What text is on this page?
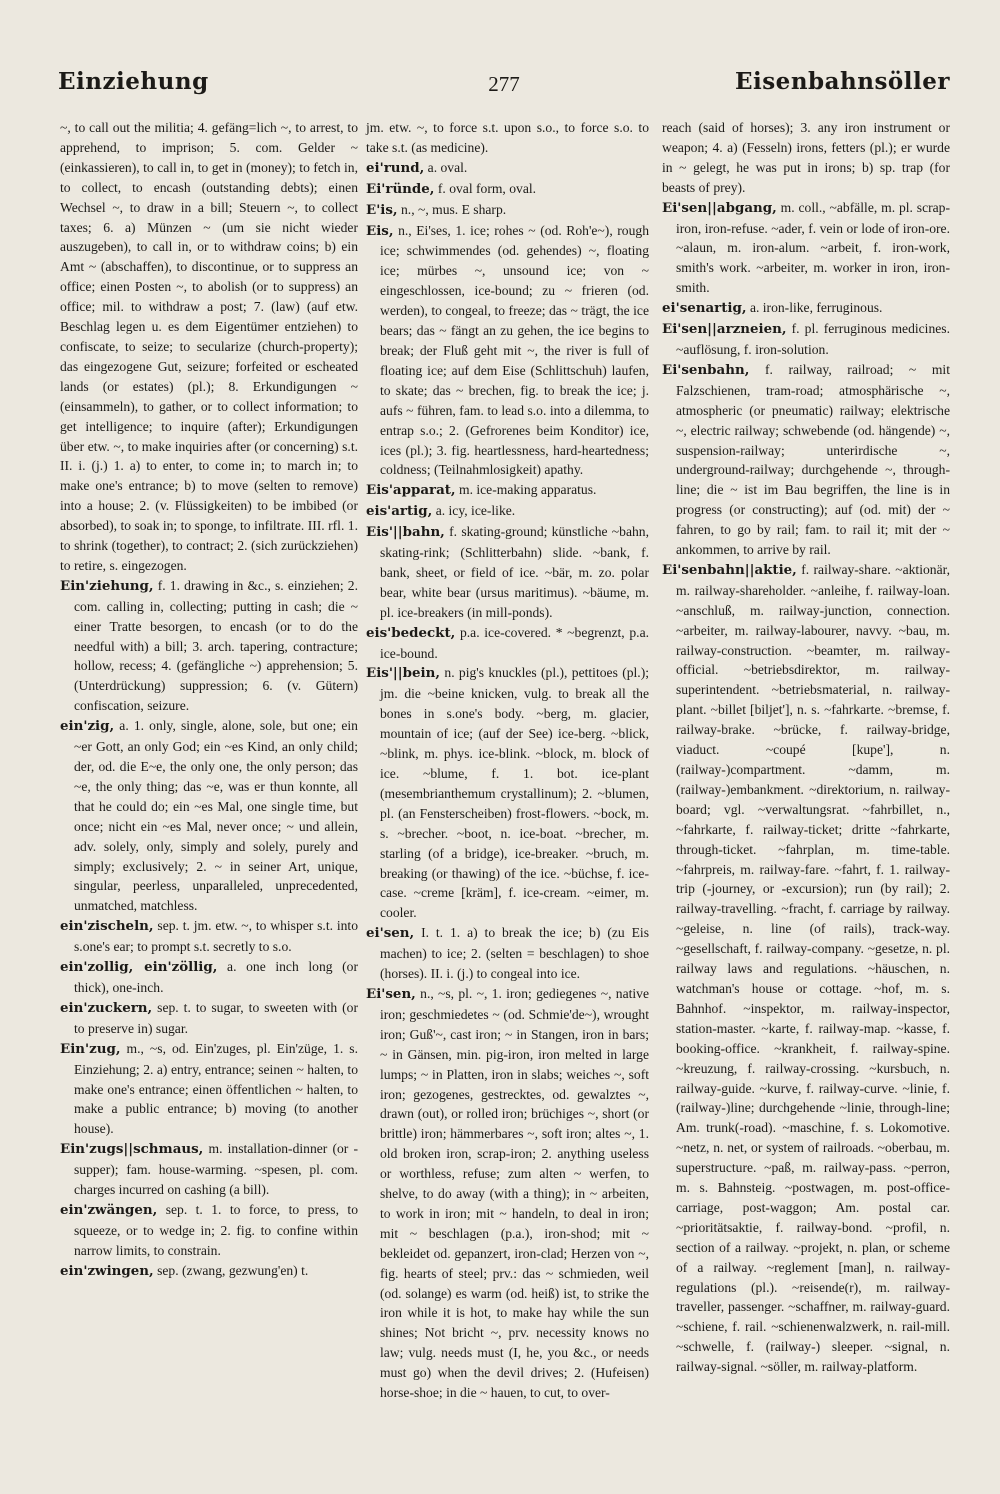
Einziehung	277	Eisenbahnsöller

~, to call out the militia; 4. gefäng=lich ~, to arrest, to apprehend, to imprison; 5. com. Gelder ~ (einkassieren), to call in, to get in (money); to fetch in, to collect, to encash (outstanding debts); einen Wechsel ~, to draw in a bill; Steuern ~, to collect taxes; 6. a) Münzen ~ (um sie nicht wieder auszugeben), to call in, or to withdraw coins; b) ein Amt ~ (abschaffen), to discontinue, or to suppress an office; einen Posten ~, to abolish (or to suppress) an office; mil. to withdraw a post; 7. (law) (auf etw. Beschlag legen u. es dem Eigentümer entziehen) to confiscate, to seize; to secularize (church-property); das eingezogene Gut, seizure; forfeited or escheated lands (or estates) (pl.); 8. Erkundigungen ~ (einsammeln), to gather, or to collect information; to get intelligence; to inquire (after); Erkundigungen über etw. ~, to make inquiries after (or concerning) s.t. II. i. (j.) 1. a) to enter, to come in; to march in; to make one's entrance; b) to move (selten to remove) into a house; 2. (v. Flüssigkeiten) to be imbibed (or absorbed), to soak in; to sponge, to infiltrate. III. rfl. 1. to shrink (together), to contract; 2. (sich zurückziehen) to retire, s. eingezogen.

Ein'ziehung, f. 1. drawing in &c., s. einziehen; 2. com. calling in, collecting; putting in cash; die ~ einer Tratte besorgen, to encash (or to do the needful with) a bill; 3. arch. tapering, contracture; hollow, recess; 4. (gefängliche ~) apprehension; 5. (Unterdrückung) suppression; 6. (v. Gütern) confiscation, seizure.

ein'zig, a. 1. only, single, alone, sole, but one; ein ~er Gott, an only God; ein ~es Kind, an only child; der, od. die E~e, the only one, the only person; das ~e, the only thing; das ~e, was er thun konnte, all that he could do; ein ~es Mal, one single time, but once; nicht ein ~es Mal, never once; ~ und allein, adv. solely, only, simply and solely, purely and simply; exclusively; 2. ~ in seiner Art, unique, singular, peerless, unparalleled, unprecedented, unmatched, matchless.

ein'zischeln, sep. t. jm. etw. ~, to whisper s.t. into s.one's ear; to prompt s.t. secretly to s.o.

ein'zollig, ein'zöllig, a. one inch long (or thick), one-inch.

ein'zuckern, sep. t. to sugar, to sweeten with (or to preserve in) sugar.

Ein'zug, m., ~s, od. Ein'zuges, pl. Ein'züge, 1. s. Einziehung; 2. a) entry, entrance; seinen ~ halten, to make one's entrance; einen öffentlichen ~ halten, to make a public entrance; b) moving (to another house).

Ein'zugs||schmaus, m. installation-dinner (or -supper); fam. house-warming. ~spesen, pl. com. charges incurred on cashing (a bill).

ein'zwängen, sep. t. 1. to force, to press, to squeeze, or to wedge in; 2. fig. to confine within narrow limits, to constrain.

ein'zwingen, sep. (zwang, gezwung'en) t.

jm. etw. ~, to force s.t. upon s.o., to force s.o. to take s.t. (as medicine).

ei'rund, a. oval.

Ei'ründe, f. oval form, oval.

E'is, n., ~, mus. E sharp.

Eis, n., Ei'ses, 1. ice; rohes ~ (od. Roh'e~), rough ice; schwimmendes (od. gehendes) ~, floating ice; mürbes ~, unsound ice; von ~ eingeschlossen, ice-bound; zu ~ frieren (od. werden), to congeal, to freeze; das ~ trägt, the ice bears; das ~ fängt an zu gehen, the ice begins to break; der Fluß geht mit ~, the river is full of floating ice; auf dem Eise (Schlittschuh) laufen, to skate; das ~ brechen, fig. to break the ice; j. aufs ~ führen, fam. to lead s.o. into a dilemma, to entrap s.o.; 2. (Gefrorenes beim Konditor) ice, ices (pl.); 3. fig. heartlessness, hard-heartedness; coldness; (Teilnahmlosigkeit) apathy.

Eis'apparat, m. ice-making apparatus.

eis'artig, a. icy, ice-like.

Eis'||bahn, f. skating-ground; künstliche ~bahn, skating-rink; (Schlitterbahn) slide. ~bank, f. bank, sheet, or field of ice. ~bär, m. zo. polar bear, white bear (ursus maritimus). ~bäume, m. pl. ice-breakers (in mill-ponds).

eis'bedeckt, p.a. ice-covered. * ~begrenzt, p.a. ice-bound.

Eis'||bein, n. pig's knuckles (pl.), pettitoes (pl.); jm. die ~beine knicken, vulg. to break all the bones in s.one's body. ~berg, m. glacier, mountain of ice; (auf der See) ice-berg. ~blick, ~blink, m. phys. ice-blink. ~block, m. block of ice. ~blume, f. 1. bot. ice-plant (mesembrianthemum crystallinum); 2. ~blumen, pl. (an Fensterscheiben) frost-flowers. ~bock, m. s. ~brecher. ~boot, n. ice-boat. ~brecher, m. starling (of a bridge), ice-breaker. ~bruch, m. breaking (or thawing) of the ice. ~büchse, f. ice-case. ~creme [kräm], f. ice-cream. ~eimer, m. cooler.

ei'sen, I. t. 1. a) to break the ice; b) (zu Eis machen) to ice; 2. (selten = beschlagen) to shoe (horses). II. i. (j.) to congeal into ice.

Ei'sen, n., ~s, pl. ~, 1. iron; gediegenes ~, native iron; geschmiedetes ~ (od. Schmie'de~), wrought iron; Guß'~, cast iron; ~ in Stangen, iron in bars; ~ in Gänsen, min. pig-iron, iron melted in large lumps; ~ in Platten, iron in slabs; weiches ~, soft iron; gezogenes, gestrecktes, od. gewalztes ~, drawn (out), or rolled iron; brüchiges ~, short (or brittle) iron; hämmerbares ~, soft iron; altes ~, 1. old broken iron, scrap-iron; 2. anything useless or worthless, refuse; zum alten ~ werfen, to shelve, to do away (with a thing); in ~ arbeiten, to work in iron; mit ~ handeln, to deal in iron; mit ~ beschlagen (p.a.), iron-shod; mit ~ bekleidet od. gepanzert, iron-clad; Herzen von ~, fig. hearts of steel; prv.: das ~ schmieden, weil (od. solange) es warm (od. heiß) ist, to strike the iron while it is hot, to make hay while the sun shines; Not bricht ~, prv. necessity knows no law; vulg. needs must (I, he, you &c., or needs must go) when the devil drives; 2. (Hufeisen) horse-shoe; in die ~ hauen, to cut, to over-

reach (said of horses); 3. any iron instrument or weapon; 4. a) (Fesseln) irons, fetters (pl.); er wurde in ~ gelegt, he was put in irons; b) sp. trap (for beasts of prey).

Ei'sen||abgang, m. coll., ~abfälle, m. pl. scrap-iron, iron-refuse. ~ader, f. vein or lode of iron-ore. ~alaun, m. iron-alum. ~arbeit, f. iron-work, smith's work. ~arbeiter, m. worker in iron, iron-smith.

ei'senartig, a. iron-like, ferruginous.

Ei'sen||arzneien, f. pl. ferruginous medicines. ~auflösung, f. iron-solution.

Ei'senbahn, f. railway, railroad; ~ mit Falzschienen, tram-road; atmosphärische ~, atmospheric (or pneumatic) railway; elektrische ~, electric railway; schwebende (od. hängende) ~, suspension-railway; unterirdische ~, underground-railway; durchgehende ~, through-line; die ~ ist im Bau begriffen, the line is in progress (or constructing); auf (od. mit) der ~ fahren, to go by rail; fam. to rail it; mit der ~ ankommen, to arrive by rail.

Ei'senbahn||aktie, f. railway-share. ~aktionär, m. railway-shareholder. ~anleihe, f. railway-loan. ~anschluß, m. railway-junction, connection. ~arbeiter, m. railway-labourer, navvy. ~bau, m. railway-construction. ~beamter, m. railway-official. ~betriebsdirektor, m. railway-superintendent. ~betriebsmaterial, n. railway-plant. ~billet [biljet'], n. s. ~fahrkarte. ~bremse, f. railway-brake. ~brücke, f. railway-bridge, viaduct. ~coupé [kupe'], n. (railway-)compartment. ~damm, m. (railway-)embankment. ~direktorium, n. railway-board; vgl. ~verwaltungsrat. ~fahrbillet, n., ~fahrkarte, f. railway-ticket; dritte ~fahrkarte, through-ticket. ~fahrplan, m. time-table. ~fahrpreis, m. railway-fare. ~fahrt, f. 1. railway-trip (-journey, or -excursion); run (by rail); 2. railway-travelling. ~fracht, f. carriage by railway. ~geleise, n. line (of rails), track-way. ~gesellschaft, f. railway-company. ~gesetze, n. pl. railway laws and regulations. ~häuschen, n. watchman's house or cottage. ~hof, m. s. Bahnhof. ~inspektor, m. railway-inspector, station-master. ~karte, f. railway-map. ~kasse, f. booking-office. ~krankheit, f. railway-spine. ~kreuzung, f. railway-crossing. ~kursbuch, n. railway-guide. ~kurve, f. railway-curve. ~linie, f. (railway-)line; durchgehende ~linie, through-line; Am. trunk(-road). ~maschine, f. s. Lokomotive. ~netz, n. net, or system of railroads. ~oberbau, m. superstructure. ~paß, m. railway-pass. ~perron, m. s. Bahnsteig. ~postwagen, m. post-office-carriage, post-waggon; Am. postal car. ~prioritätsaktie, f. railway-bond. ~profil, n. section of a railway. ~projekt, n. plan, or scheme of a railway. ~reglement [man], n. railway-regulations (pl.). ~reisende(r), m. railway-traveller, passenger. ~schaffner, m. railway-guard. ~schiene, f. rail. ~schienenwalzwerk, n. rail-mill. ~schwelle, f. (railway-) sleeper. ~signal, n. railway-signal. ~söller, m. railway-platform.
